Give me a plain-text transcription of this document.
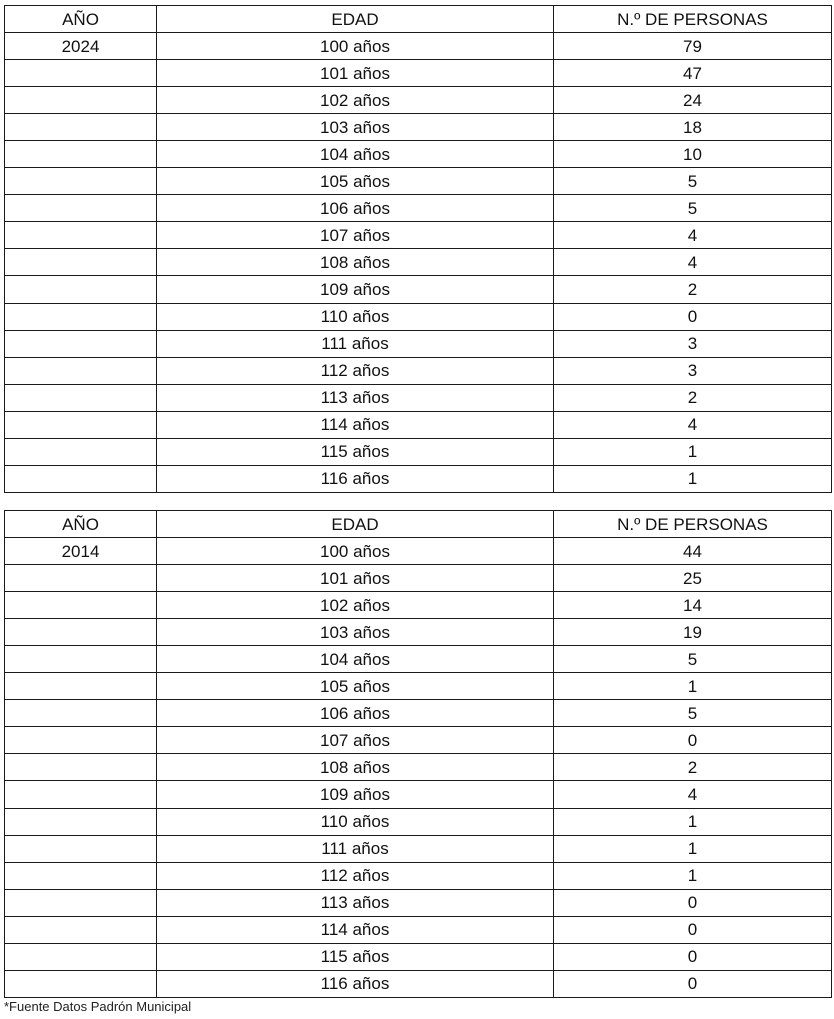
AÑO	EDAD	N.º DE PERSONAS
2024	100 años	79
	101 años	47
	102 años	24
	103 años	18
	104 años	10
	105 años	5
	106 años	5
	107 años	4
	108 años	4
	109 años	2
	110 años	0
	111 años	3
	112 años	3
	113 años	2
	114 años	4
	115 años	1
	116 años	1
AÑO	EDAD	N.º DE PERSONAS
2014	100 años	44
	101 años	25
	102 años	14
	103 años	19
	104 años	5
	105 años	1
	106 años	5
	107 años	0
	108 años	2
	109 años	4
	110 años	1
	111 años	1
	112 años	1
	113 años	0
	114 años	0
	115 años	0
	116 años	0
*Fuente Datos Padrón Municipal
